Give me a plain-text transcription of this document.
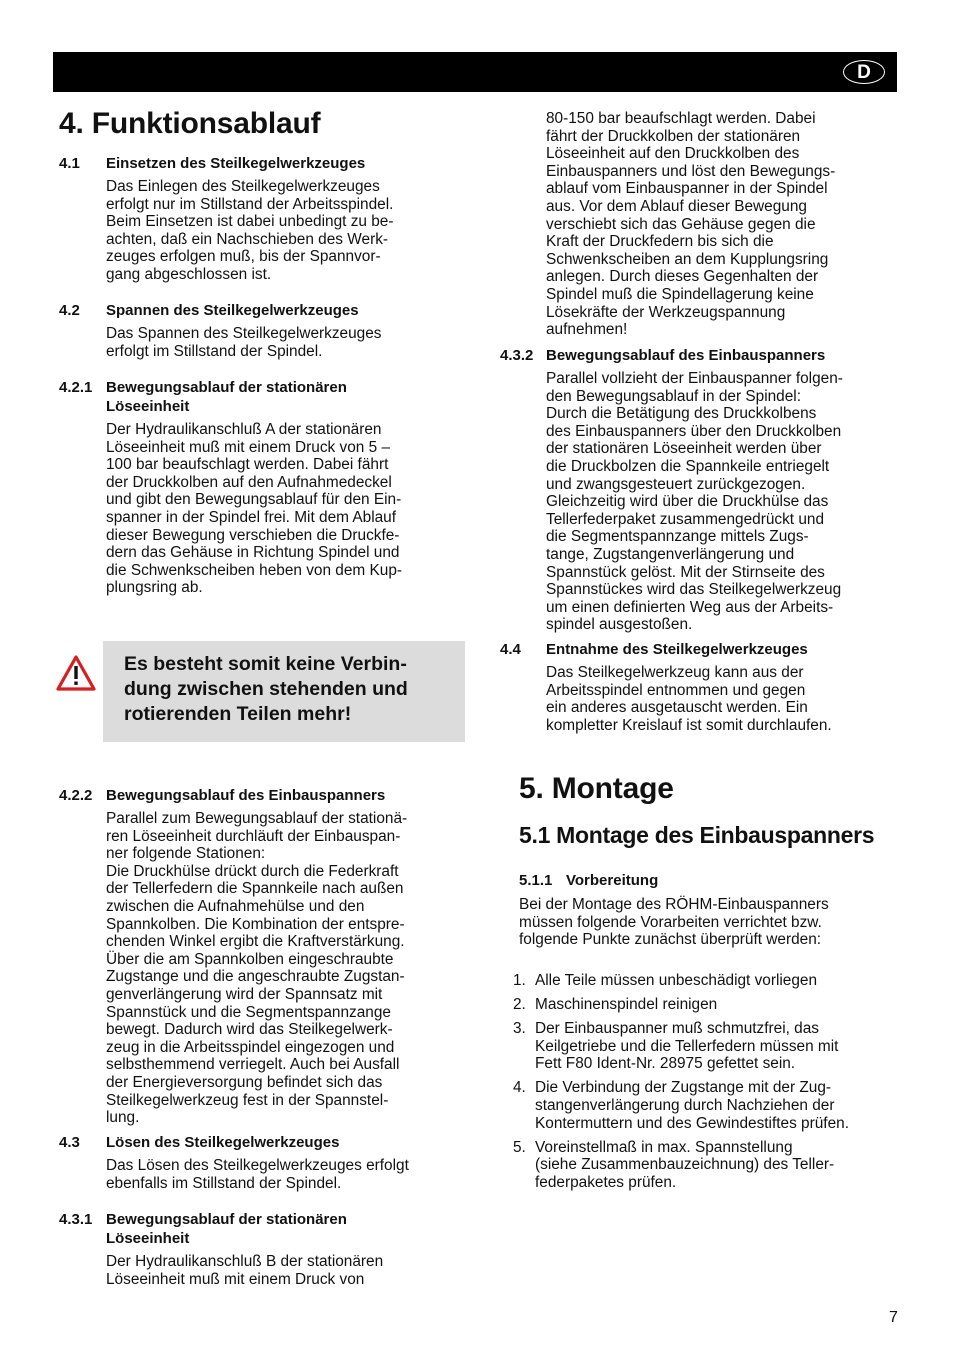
D
4. Funktionsablauf
4.1 Einsetzen des Steilkegelwerkzeuges

Das Einlegen des Steilkegelwerkzeuges
erfolgt nur im Stillstand der Arbeitsspindel.
Beim Einsetzen ist dabei unbedingt zu be-
achten, daß ein Nachschieben des Werk-
zeuges erfolgen muß, bis der Spannvor-
gang abgeschlossen ist.

4.2 Spannen des Steilkegelwerkzeuges

Das Spannen des Steilkegelwerkzeuges
erfolgt im Stillstand der Spindel.

4.2.1 Bewegungsablauf der stationären
Löseeinheit

Der Hydraulikanschluß A der stationären
Löseeinheit muß mit einem Druck von 5 –
100 bar beaufschlagt werden. Dabei fährt
der Druckkolben auf den Aufnahmedeckel
und gibt den Bewegungsablauf für den Ein-
spanner in der Spindel frei. Mit dem Ablauf
dieser Bewegung verschieben die Druckfe-
dern das Gehäuse in Richtung Spindel und
die Schwenkscheiben heben von dem Kup-
plungsring ab.

Es besteht somit keine Verbin-
dung zwischen stehenden und
rotierenden Teilen mehr!
4.2.2 Bewegungsablauf des Einbauspanners

Parallel zum Bewegungsablauf der stationä-
ren Löseeinheit durchläuft der Einbauspan-
ner folgende Stationen:
Die Druckhülse drückt durch die Federkraft
der Tellerfedern die Spannkeile nach außen
zwischen die Aufnahmehülse und den
Spannkolben. Die Kombination der entspre-
chenden Winkel ergibt die Kraftverstärkung.
Über die am Spannkolben eingeschraubte
Zugstange und die angeschraubte Zugstan-
genverlängerung wird der Spannsatz mit
Spannstück und die Segmentspannzange
bewegt. Dadurch wird das Steilkegelwerk-
zeug in die Arbeitsspindel eingezogen und
selbsthemmend verriegelt. Auch bei Ausfall
der Energieversorgung befindet sich das
Steilkegelwerkzeug fest in der Spannstel-
lung.

4.3 Lösen des Steilkegelwerkzeuges

Das Lösen des Steilkegelwerkzeuges erfolgt
ebenfalls im Stillstand der Spindel.

4.3.1 Bewegungsablauf der stationären
Löseeinheit

Der Hydraulikanschluß B der stationären
Löseeinheit muß mit einem Druck von

80-150 bar beaufschlagt werden. Dabei
fährt der Druckkolben der stationären
Löseeinheit auf den Druckkolben des
Einbauspanners und löst den Bewegungs-
ablauf vom Einbauspanner in der Spindel
aus. Vor dem Ablauf dieser Bewegung
verschiebt sich das Gehäuse gegen die
Kraft der Druckfedern bis sich die
Schwenkscheiben an dem Kupplungsring
anlegen. Durch dieses Gegenhalten der
Spindel muß die Spindellagerung keine
Lösekräfte der Werkzeugspannung
aufnehmen!

4.3.2 Bewegungsablauf des Einbauspanners

Parallel vollzieht der Einbauspanner folgen-
den Bewegungsablauf in der Spindel:
Durch die Betätigung des Druckkolbens
des Einbauspanners über den Druckkolben
der stationären Löseeinheit werden über
die Druckbolzen die Spannkeile entriegelt
und zwangsgesteuert zurückgezogen.
Gleichzeitig wird über die Druckhülse das
Tellerfederpaket zusammengedrückt und
die Segmentspannzange mittels Zugs-
tange, Zugstangenverlängerung und
Spannstück gelöst. Mit der Stirnseite des
Spannstückes wird das Steilkegelwerkzeug
um einen definierten Weg aus der Arbeits-
spindel ausgestoßen.

4.4 Entnahme des Steilkegelwerkzeuges

Das Steilkegelwerkzeug kann aus der
Arbeitsspindel entnommen und gegen
ein anderes ausgetauscht werden. Ein
kompletter Kreislauf ist somit durchlaufen.

5. Montage
5.1 Montage des Einbauspanners
5.1.1 Vorbereitung

Bei der Montage des RÖHM-Einbauspanners
müssen folgende Vorarbeiten verrichtet bzw.
folgende Punkte zunächst überprüft werden:

1. Alle Teile müssen unbeschädigt vorliegen
2. Maschinenspindel reinigen
3. Der Einbauspanner muß schmutzfrei, das
Keilgetriebe und die Tellerfedern müssen mit
Fett F80 Ident-Nr. 28975 gefettet sein.
4. Die Verbindung der Zugstange mit der Zug-
stangenverlängerung durch Nachziehen der
Kontermuttern und des Gewindestiftes prüfen.
5. Voreinstellmaß in max. Spannstellung
(siehe Zusammenbauzeichnung) des Teller-
federpaketes prüfen.
7
